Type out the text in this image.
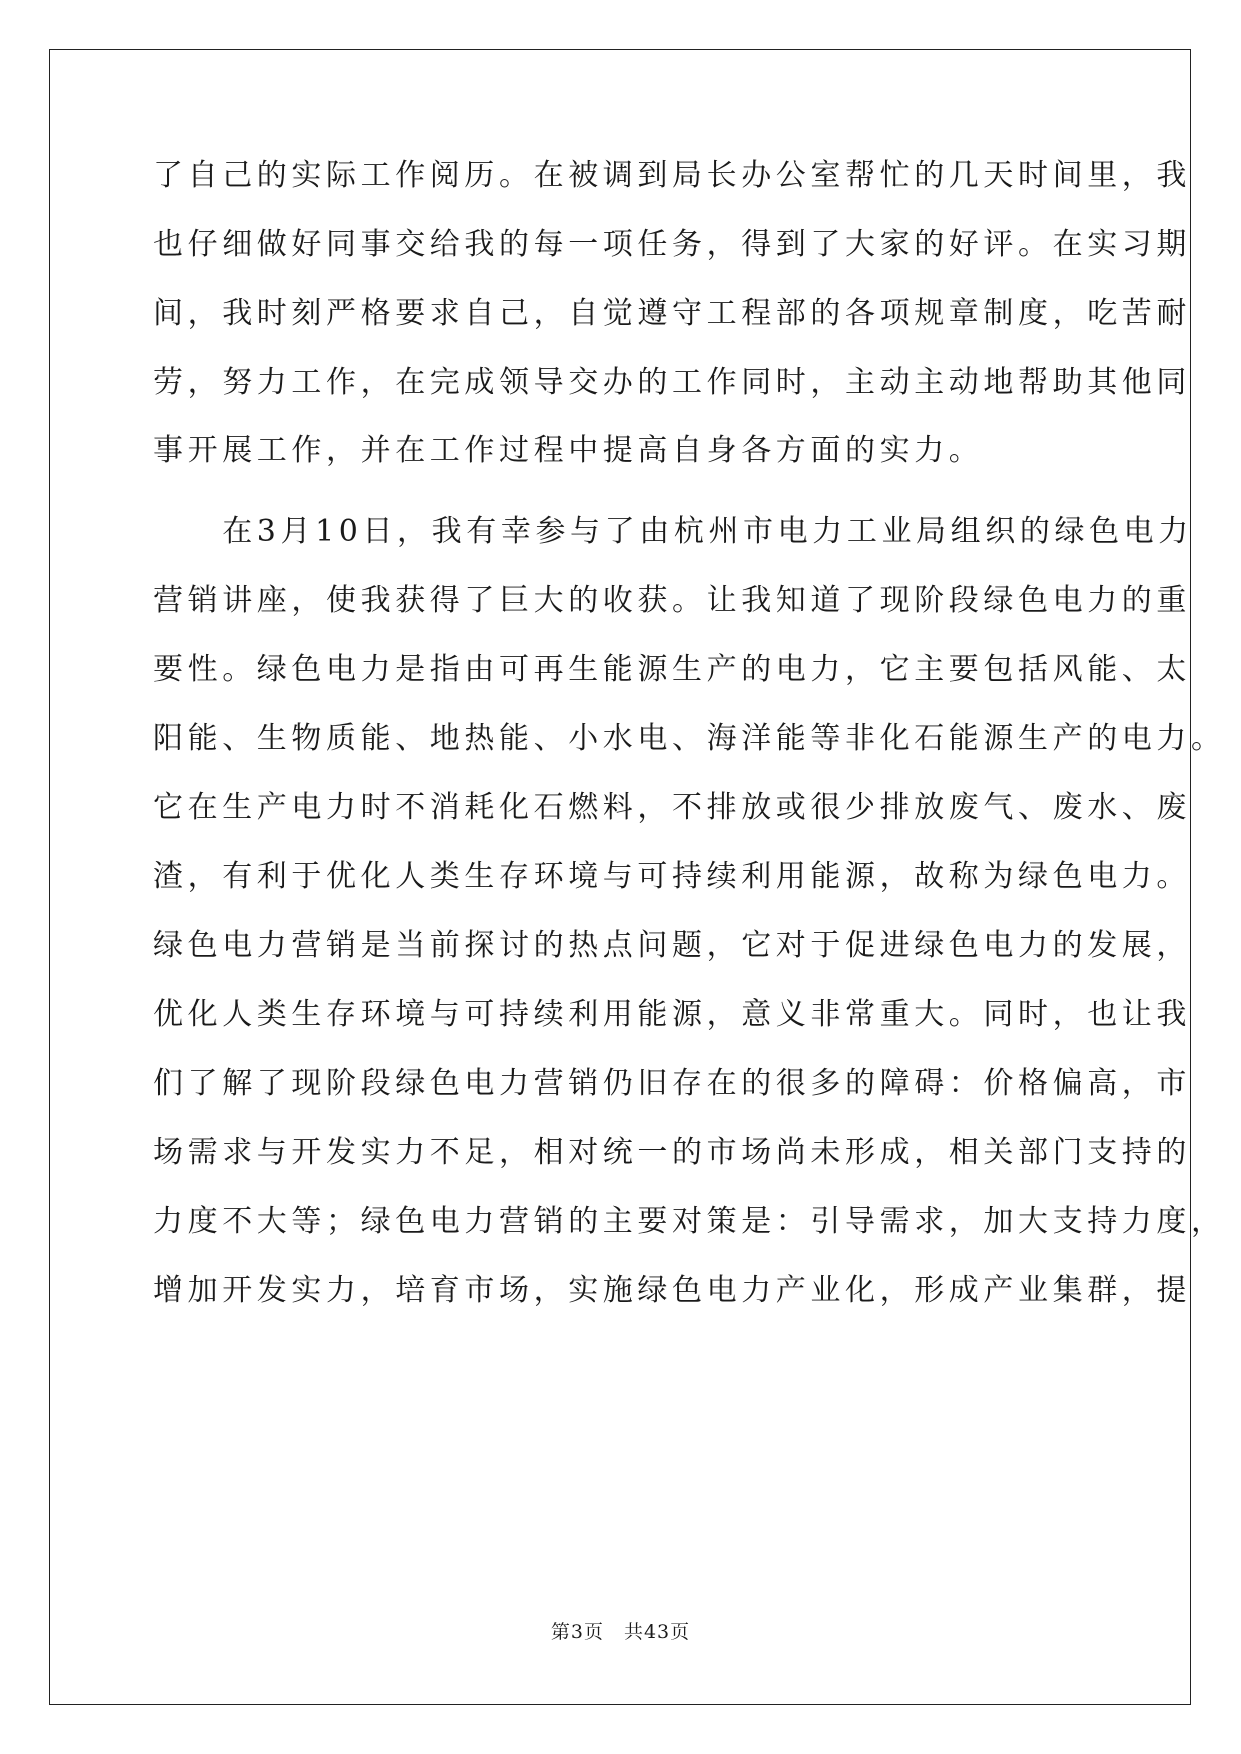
了自己的实际工作阅历。在被调到局长办公室帮忙的几天时间里，我
也仔细做好同事交给我的每一项任务，得到了大家的好评。在实习期
间，我时刻严格要求自己，自觉遵守工程部的各项规章制度，吃苦耐
劳，努力工作，在完成领导交办的工作同时，主动主动地帮助其他同
事开展工作，并在工作过程中提高自身各方面的实力。
　　在3月10日，我有幸参与了由杭州市电力工业局组织的绿色电力
营销讲座，使我获得了巨大的收获。让我知道了现阶段绿色电力的重
要性。绿色电力是指由可再生能源生产的电力，它主要包括风能、太
阳能、生物质能、地热能、小水电、海洋能等非化石能源生产的电力。
它在生产电力时不消耗化石燃料，不排放或很少排放废气、废水、废
渣，有利于优化人类生存环境与可持续利用能源，故称为绿色电力。
绿色电力营销是当前探讨的热点问题，它对于促进绿色电力的发展，
优化人类生存环境与可持续利用能源，意义非常重大。同时，也让我
们了解了现阶段绿色电力营销仍旧存在的很多的障碍：价格偏高，市
场需求与开发实力不足，相对统一的市场尚未形成，相关部门支持的
力度不大等；绿色电力营销的主要对策是：引导需求，加大支持力度，
增加开发实力，培育市场，实施绿色电力产业化，形成产业集群，提
第3页　共43页
